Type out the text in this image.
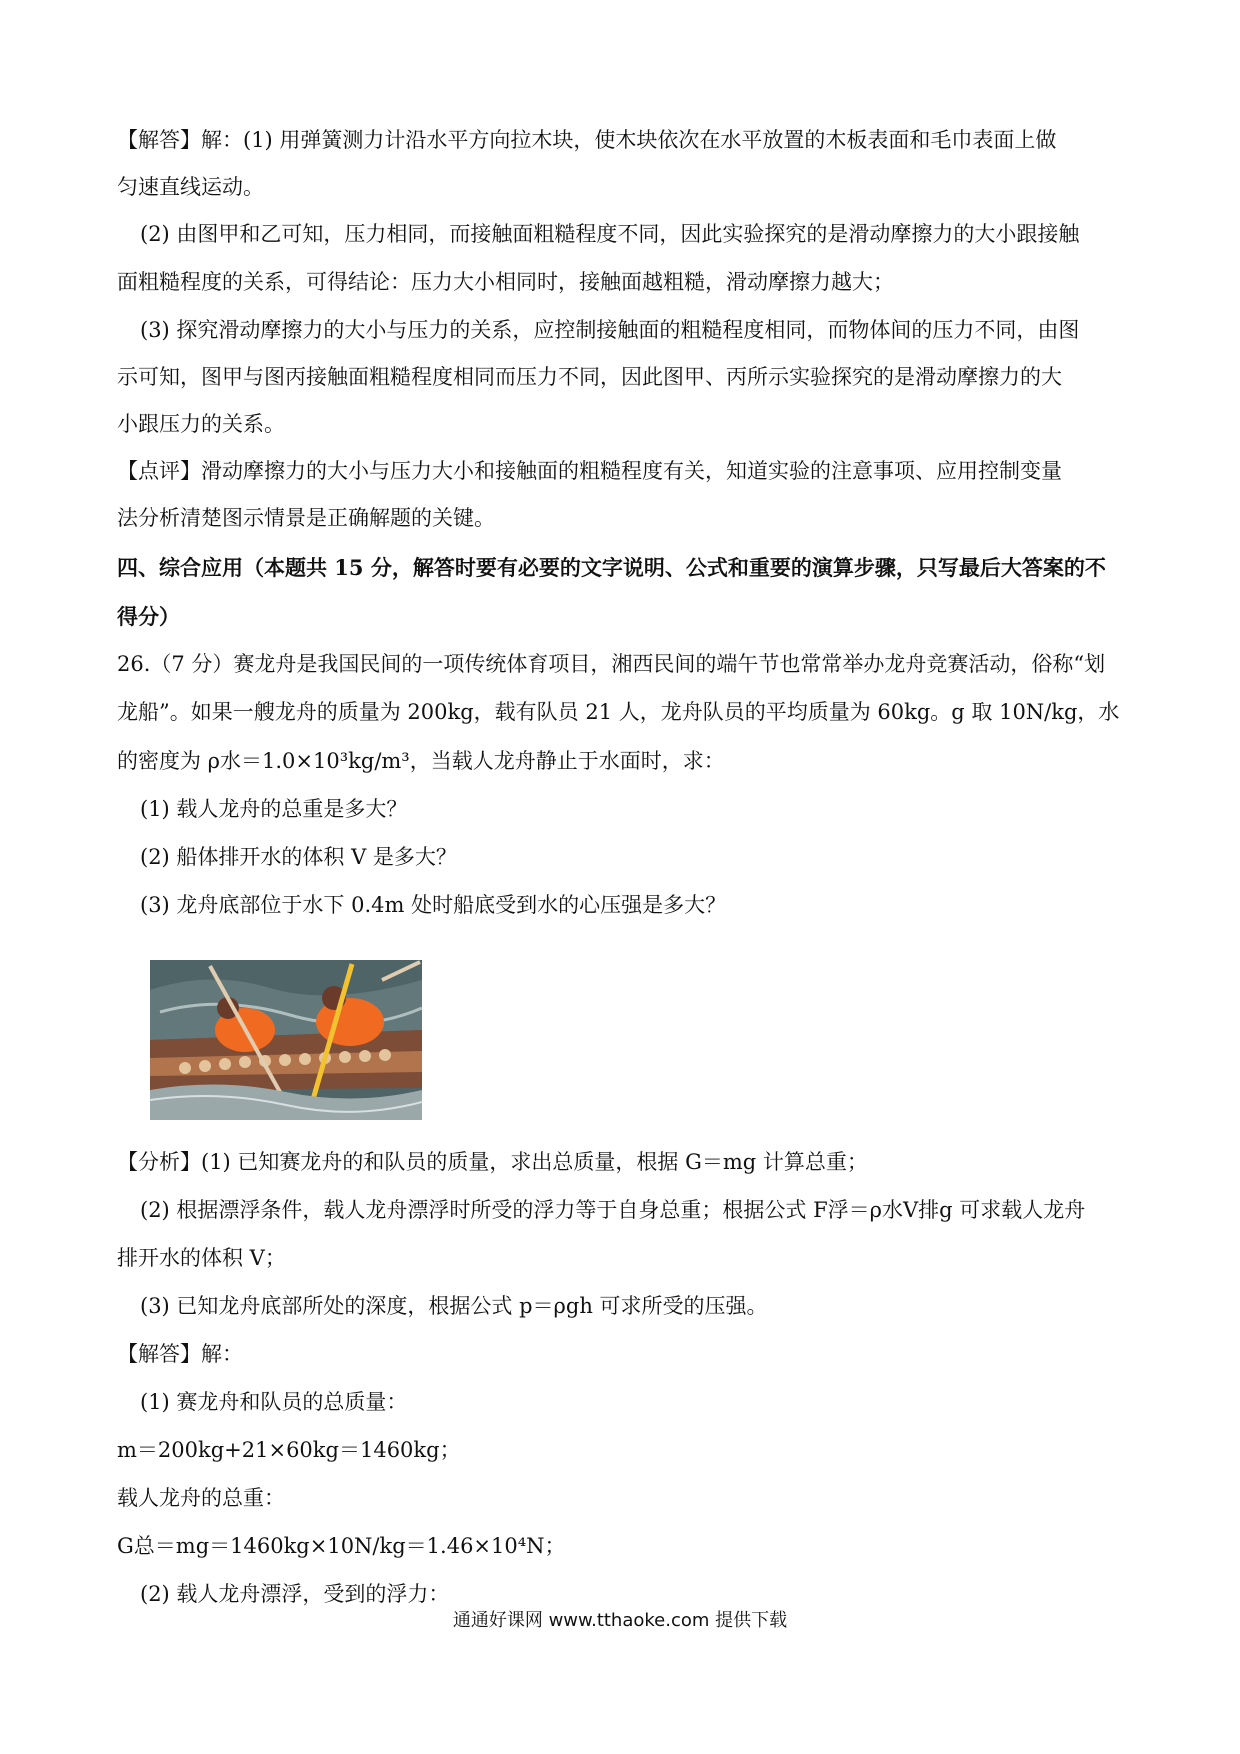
【解答】解：(1) 用弹簧测力计沿水平方向拉木块，使木块依次在水平放置的木板表面和毛巾表面上做
匀速直线运动。
(2) 由图甲和乙可知，压力相同，而接触面粗糙程度不同，因此实验探究的是滑动摩擦力的大小跟接触
面粗糙程度的关系，可得结论：压力大小相同时，接触面越粗糙，滑动摩擦力越大；
(3) 探究滑动摩擦力的大小与压力的关系，应控制接触面的粗糙程度相同，而物体间的压力不同，由图
示可知，图甲与图丙接触面粗糙程度相同而压力不同，因此图甲、丙所示实验探究的是滑动摩擦力的大
小跟压力的关系。
【点评】滑动摩擦力的大小与压力大小和接触面的粗糙程度有关，知道实验的注意事项、应用控制变量
法分析清楚图示情景是正确解题的关键。
四、综合应用（本题共 15 分，解答时要有必要的文字说明、公式和重要的演算步骤，只写最后大答案的不
得分）
26.（7 分）赛龙舟是我国民间的一项传统体育项目，湘西民间的端午节也常常举办龙舟竞赛活动，俗称“划
龙船”。如果一艘龙舟的质量为 200kg，载有队员 21 人，龙舟队员的平均质量为 60kg。g 取 10N/kg，水
的密度为 ρ水＝1.0×10³kg/m³，当载人龙舟静止于水面时，求：
(1) 载人龙舟的总重是多大？
(2) 船体排开水的体积 V 是多大？
(3) 龙舟底部位于水下 0.4m 处时船底受到水的心压强是多大？
【分析】(1) 已知赛龙舟的和队员的质量，求出总质量，根据 G＝mg 计算总重；
(2) 根据漂浮条件，载人龙舟漂浮时所受的浮力等于自身总重；根据公式 F浮＝ρ水V排g 可求载人龙舟
排开水的体积 V；
(3) 已知龙舟底部所处的深度，根据公式 p＝ρgh 可求所受的压强。
【解答】解：
(1) 赛龙舟和队员的总质量：
m＝200kg+21×60kg＝1460kg；
载人龙舟的总重：
G总＝mg＝1460kg×10N/kg＝1.46×10⁴N；
(2) 载人龙舟漂浮，受到的浮力：
通通好课网 www.tthaoke.com 提供下载
